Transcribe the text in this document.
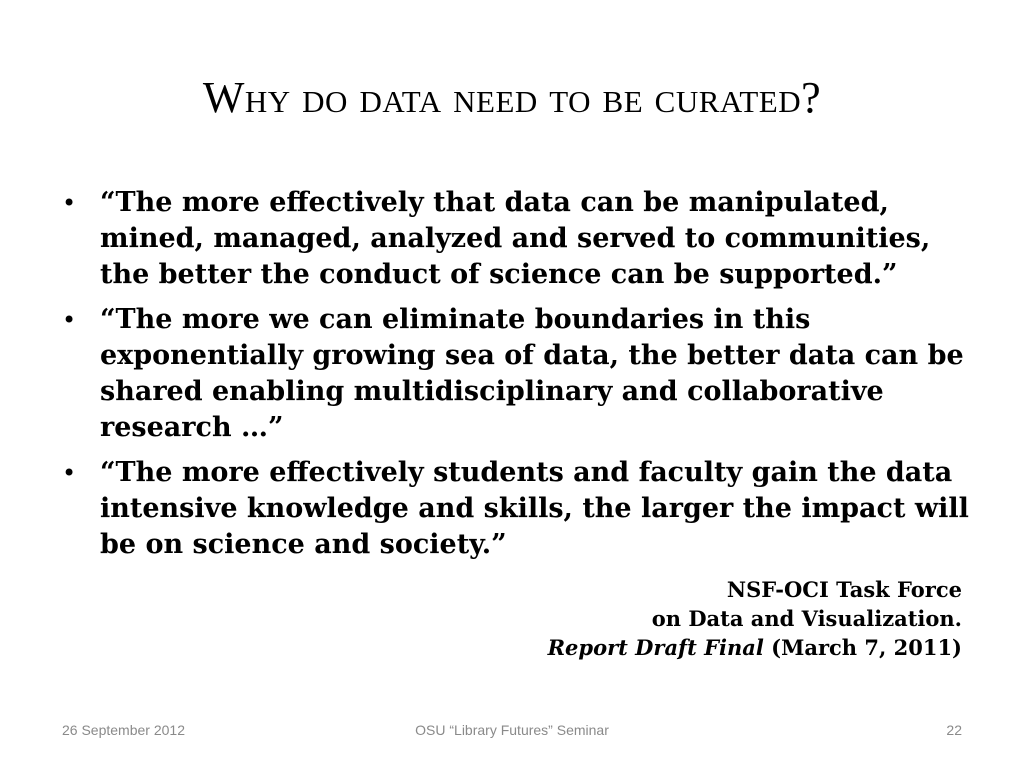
Why do data need to be curated?
• “The more effectively that data can be manipulated, mined, managed, analyzed and served to communities, the better the conduct of science can be supported.”
• “The more we can eliminate boundaries in this exponentially growing sea of data, the better data can be shared enabling multidisciplinary and collaborative research …”
• “The more effectively students and faculty gain the data intensive knowledge and skills, the larger the impact will be on science and society.”
NSF-OCI Task Force
on Data and Visualization.
Report Draft Final (March 7, 2011)
26 September 2012	OSU “Library Futures” Seminar	22
